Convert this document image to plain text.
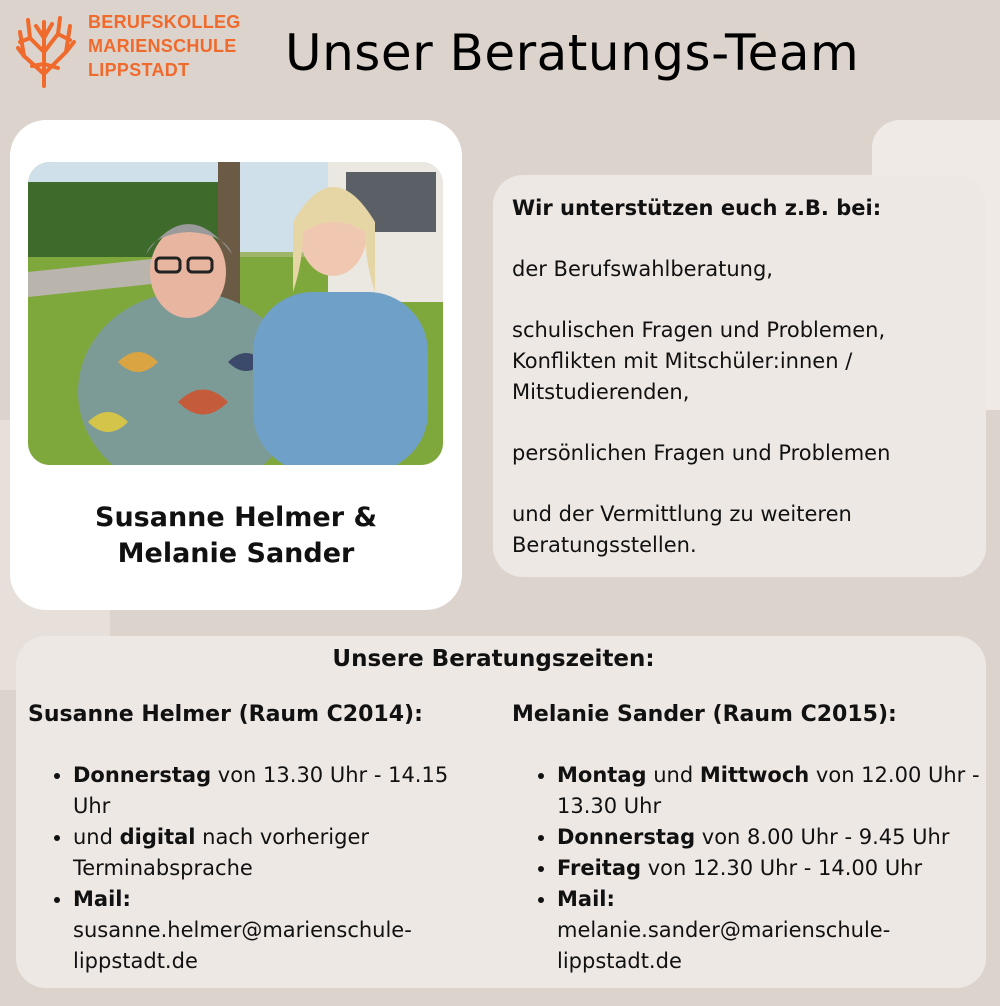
BERUFSKOLLEG
MARIENSCHULE
LIPPSTADT	Unser Beratungs-Team
Susanne Helmer &
Melanie Sander

Wir unterstützen euch z.B. bei:

der Berufswahlberatung,

schulischen Fragen und Problemen,
Konflikten mit Mitschüler:innen /
Mitstudierenden,

persönlichen Fragen und Problemen

und der Vermittlung zu weiteren
Beratungsstellen.

Unsere Beratungszeiten:
Susanne Helmer (Raum C2014):
• Donnerstag von 13.30 Uhr - 14.15 Uhr
• und digital nach vorheriger Terminabsprache
• Mail:
susanne.helmer@marienschule-lippstadt.de
Melanie Sander (Raum C2015):
• Montag und Mittwoch von 12.00 Uhr - 13.30 Uhr
• Donnerstag von 8.00 Uhr - 9.45 Uhr
• Freitag von 12.30 Uhr - 14.00 Uhr
• Mail:
melanie.sander@marienschule-lippstadt.de
